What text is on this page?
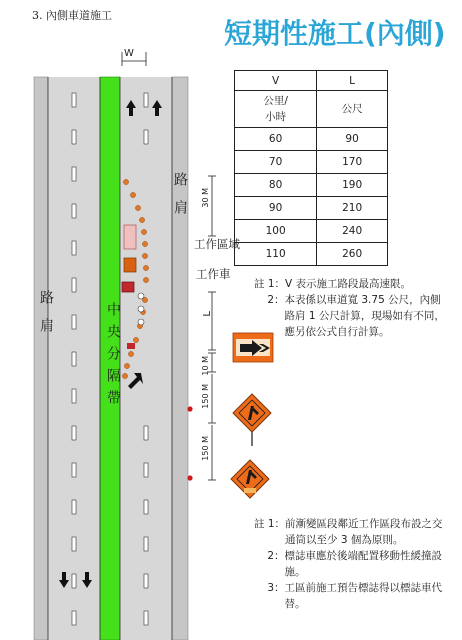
3. 內側車道施工
短期性施工(內側)
W
路肩
路肩
中央分隔帶
工作區域
工作車
30 M
L
10 M
150 M
150 M
V	L
公里/
小時	公尺
60	90
70	170
80	190
90	210
100	240
110	260
註 1： V 表示施工路段最高速限。
2： 本表係以車道寬 3.75 公尺，內側路肩 1 公尺計算，現場如有不同，應另依公式自行計算。
註 1： 前漸變區段鄰近工作區段布設之交通筒以至少 3 個為原則。
2： 標誌車應於後端配置移動性緩撞設施。
3： 工區前施工預告標誌得以標誌車代替。
